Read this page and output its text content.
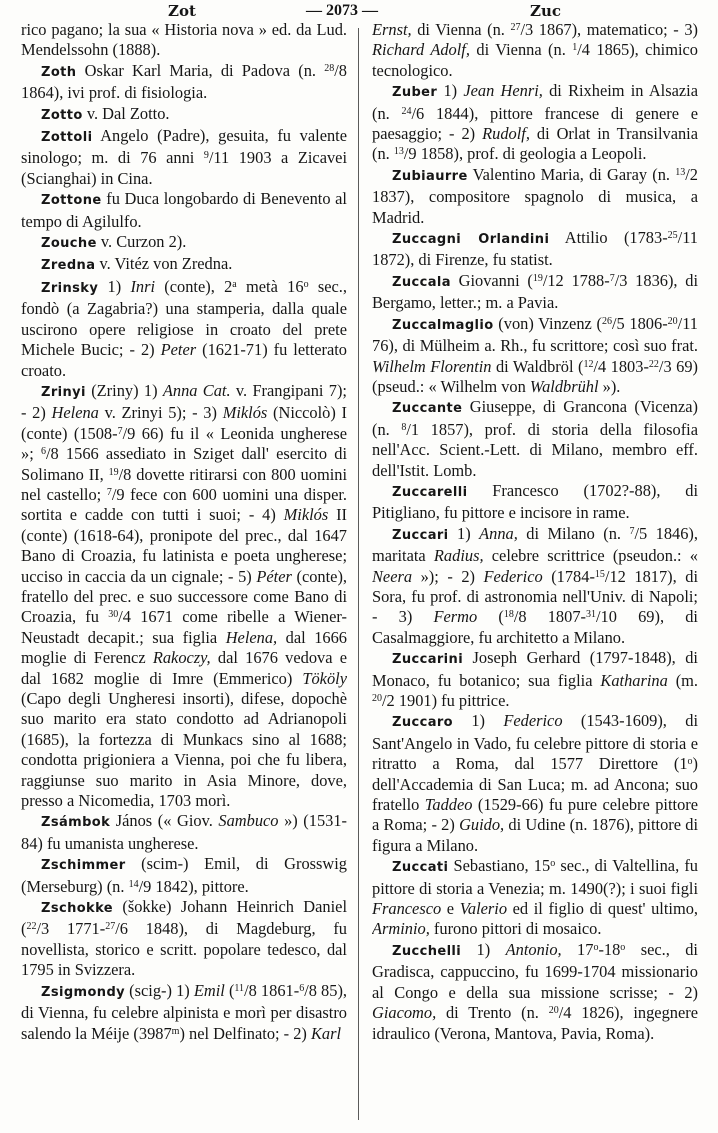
Zot	— 2073 —	Zuc

rico pagano; la sua « Historia nova » ed. da Lud. Mendelssohn (1888).

Zoth Oskar Karl Maria, di Padova (n. $^{28}$/8 1864), ivi prof. di fisiologia.

Zotto v. Dal Zotto.

Zottoli Angelo (Padre), gesuita, fu valente sinologo; m. di 76 anni $^9$/11 1903 a Zicavei (Scianghai) in Cina.

Zottone fu Duca longobardo di Benevento al tempo di Agilulfo.

Zouche v. Curzon 2).

Zredna v. Vitéz von Zredna.

Zrinsky 1) Inri (conte), 2$^a$ metà 16$^o$ sec., fondò (a Zagabria?) una stamperia, dalla quale uscirono opere religiose in croato del prete Michele Bucic; - 2) Peter (1621-71) fu letterato croato.

Zrinyi (Zriny) 1) Anna Cat. v. Frangipani 7); - 2) Helena v. Zrinyi 5); - 3) Miklós (Niccolò) I (conte) (1508-$^7$/9 66) fu il « Leonida ungherese »; $^6$/8 1566 assediato in Sziget dall' esercito di Solimano II, $^{19}$/8 dovette ritirarsi con 800 uomini nel castello; $^7$/9 fece con 600 uomini una disper. sortita e cadde con tutti i suoi; - 4) Miklós II (conte) (1618-64), pronipote del prec., dal 1647 Bano di Croazia, fu latinista e poeta ungherese; ucciso in caccia da un cignale; - 5) Péter (conte), fratello del prec. e suo successore come Bano di Croazia, fu $^{30}$/4 1671 come ribelle a Wiener-Neustadt decapit.; sua figlia Helena, dal 1666 moglie di Ferencz Rakoczy, dal 1676 vedova e dal 1682 moglie di Imre (Emmerico) Tököly (Capo degli Ungheresi insorti), difese, dopochè suo marito era stato condotto ad Adrianopoli (1685), la fortezza di Munkacs sino al 1688; condotta prigioniera a Vienna, poi che fu libera, raggiunse suo marito in Asia Minore, dove, presso a Nicomedia, 1703 morì.

Zsámbok János (« Giov. Sambuco ») (1531-84) fu umanista ungherese.

Zschimmer (scim-) Emil, di Grosswig (Merseburg) (n. $^{14}$/9 1842), pittore.

Zschokke (šokke) Johann Heinrich Daniel ($^{22}$/3 1771-$^{27}$/6 1848), di Magdeburg, fu novellista, storico e scritt. popolare tedesco, dal 1795 in Svizzera.

Zsigmondy (scig-) 1) Emil ($^{11}$/8 1861-$^6$/8 85), di Vienna, fu celebre alpinista e morì per disastro salendo la Méije (3987$^m$) nel Delfinato; - 2) Karl

Ernst, di Vienna (n. $^{27}$/3 1867), matematico; - 3) Richard Adolf, di Vienna (n. $^1$/4 1865), chimico tecnologico.

Zuber 1) Jean Henri, di Rixheim in Alsazia (n. $^{24}$/6 1844), pittore francese di genere e paesaggio; - 2) Rudolf, di Orlat in Transilvania (n. $^{13}$/9 1858), prof. di geologia a Leopoli.

Zubiaurre Valentino Maria, di Garay (n. $^{13}$/2 1837), compositore spagnolo di musica, a Madrid.

Zuccagni Orlandini Attilio (1783-$^{25}$/11 1872), di Firenze, fu statist.

Zuccala Giovanni ($^{19}$/12 1788-$^7$/3 1836), di Bergamo, letter.; m. a Pavia.

Zuccalmaglio (von) Vinzenz ($^{26}$/5 1806-$^{20}$/11 76), di Mülheim a. Rh., fu scrittore; così suo frat. Wilhelm Florentin di Waldbröl ($^{12}$/4 1803-$^{22}$/3 69) (pseud.: « Wilhelm von Waldbrühl »).

Zuccante Giuseppe, di Grancona (Vicenza) (n. $^8$/1 1857), prof. di storia della filosofia nell'Acc. Scient.-Lett. di Milano, membro eff. dell'Istit. Lomb.

Zuccarelli Francesco (1702?-88), di Pitigliano, fu pittore e incisore in rame.

Zuccari 1) Anna, di Milano (n. $^7$/5 1846), maritata Radius, celebre scrittrice (pseudon.: « Neera »); - 2) Federico (1784-$^{15}$/12 1817), di Sora, fu prof. di astronomia nell'Univ. di Napoli; - 3) Fermo ($^{18}$/8 1807-$^{31}$/10 69), di Casalmaggiore, fu architetto a Milano.

Zuccarini Joseph Gerhard (1797-1848), di Monaco, fu botanico; sua figlia Katharina (m. $^{20}$/2 1901) fu pittrice.

Zuccaro 1) Federico (1543-1609), di Sant'Angelo in Vado, fu celebre pittore di storia e ritratto a Roma, dal 1577 Direttore (1$^o$) dell'Accademia di San Luca; m. ad Ancona; suo fratello Taddeo (1529-66) fu pure celebre pittore a Roma; - 2) Guido, di Udine (n. 1876), pittore di figura a Milano.

Zuccati Sebastiano, 15$^o$ sec., di Valtellina, fu pittore di storia a Venezia; m. 1490(?); i suoi figli Francesco e Valerio ed il figlio di quest' ultimo, Arminio, furono pittori di mosaico.

Zucchelli 1) Antonio, 17$^o$-18$^o$ sec., di Gradisca, cappuccino, fu 1699-1704 missionario al Congo e della sua missione scrisse; - 2) Giacomo, di Trento (n. $^{20}$/4 1826), ingegnere idraulico (Verona, Mantova, Pavia, Roma).
